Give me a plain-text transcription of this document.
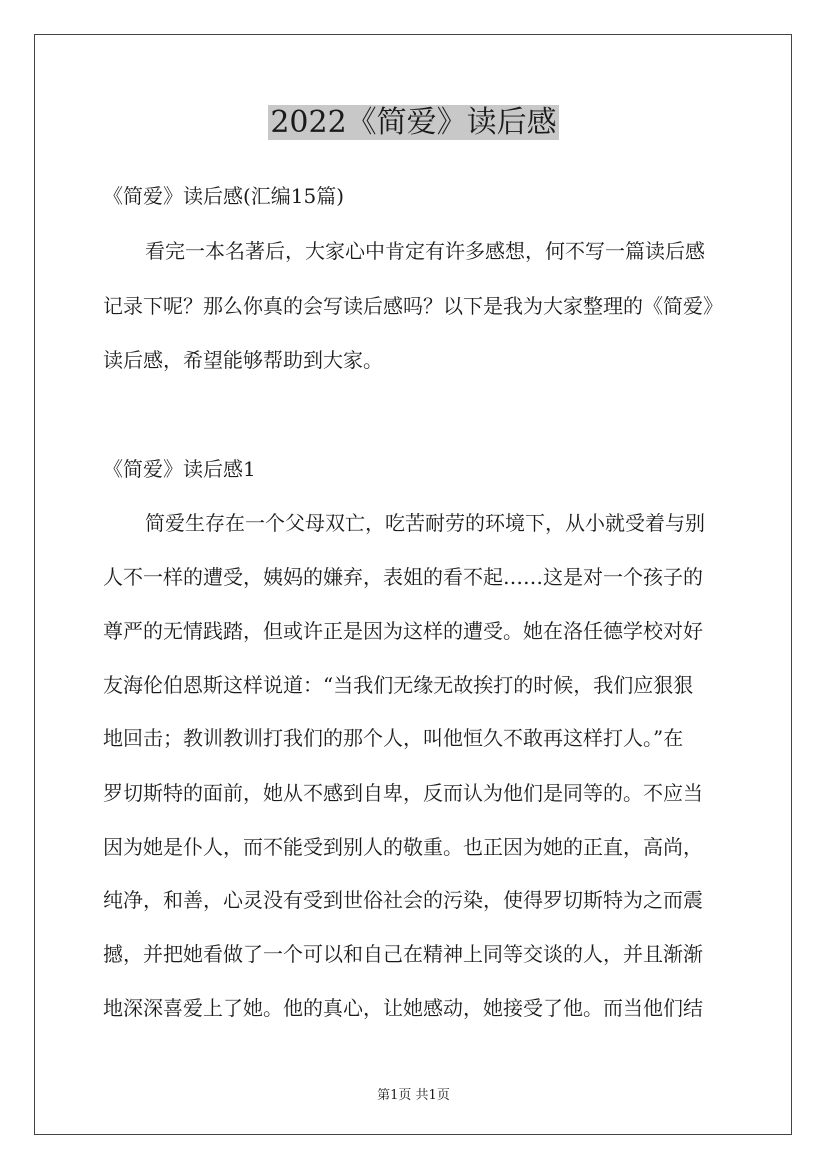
2022《简爱》读后感
《简爱》读后感(汇编15篇)
看完一本名著后，大家心中肯定有许多感想，何不写一篇读后感
记录下呢？那么你真的会写读后感吗？以下是我为大家整理的《简爱》
读后感，希望能够帮助到大家。
《简爱》读后感1
简爱生存在一个父母双亡，吃苦耐劳的环境下，从小就受着与别
人不一样的遭受，姨妈的嫌弃，表姐的看不起……这是对一个孩子的
尊严的无情践踏，但或许正是因为这样的遭受。她在洛任德学校对好
友海伦伯恩斯这样说道：“当我们无缘无故挨打的时候，我们应狠狠
地回击；教训教训打我们的那个人，叫他恒久不敢再这样打人。”在
罗切斯特的面前，她从不感到自卑，反而认为他们是同等的。不应当
因为她是仆人，而不能受到别人的敬重。也正因为她的正直，高尚，
纯净，和善，心灵没有受到世俗社会的污染，使得罗切斯特为之而震
撼，并把她看做了一个可以和自己在精神上同等交谈的人，并且渐渐
地深深喜爱上了她。他的真心，让她感动，她接受了他。而当他们结
第1页 共1页
